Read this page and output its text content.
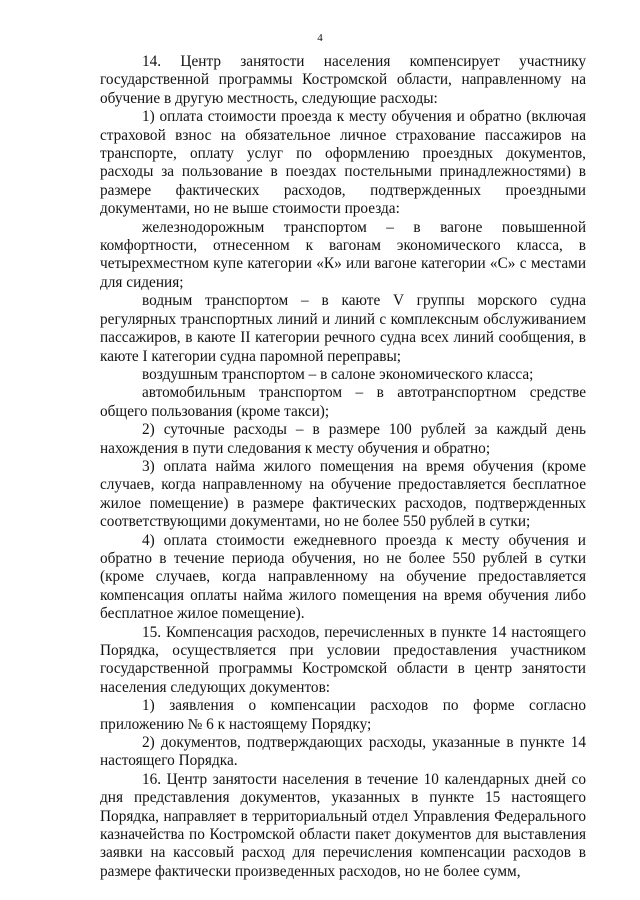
4

14. Центр занятости населения компенсирует участнику государственной программы Костромской области, направленному на обучение в другую местность, следующие расходы:

1) оплата стоимости проезда к месту обучения и обратно (включая страховой взнос на обязательное личное страхование пассажиров на транспорте, оплату услуг по оформлению проездных документов, расходы за пользование в поездах постельными принадлежностями) в размере фактических расходов, подтвержденных проездными документами, но не выше стоимости проезда:

железнодорожным транспортом – в вагоне повышенной комфортности, отнесенном к вагонам экономического класса, в четырехместном купе категории «К» или вагоне категории «С» с местами для сидения;

водным транспортом – в каюте V группы морского судна регулярных транспортных линий и линий с комплексным обслуживанием пассажиров, в каюте II категории речного судна всех линий сообщения, в каюте I категории судна паромной переправы;

воздушным транспортом – в салоне экономического класса;

автомобильным транспортом – в автотранспортном средстве общего пользования (кроме такси);

2) суточные расходы – в размере 100 рублей за каждый день нахождения в пути следования к месту обучения и обратно;

3) оплата найма жилого помещения на время обучения (кроме случаев, когда направленному на обучение предоставляется бесплатное жилое помещение) в размере фактических расходов, подтвержденных соответствующими документами, но не более 550 рублей в сутки;

4) оплата стоимости ежедневного проезда к месту обучения и обратно в течение периода обучения, но не более 550 рублей в сутки (кроме случаев, когда направленному на обучение предоставляется компенсация оплаты найма жилого помещения на время обучения либо бесплатное жилое помещение).

15. Компенсация расходов, перечисленных в пункте 14 настоящего Порядка, осуществляется при условии предоставления участником государственной программы Костромской области в центр занятости населения следующих документов:

1) заявления о компенсации расходов по форме согласно приложению № 6 к настоящему Порядку;

2) документов, подтверждающих расходы, указанные в пункте 14 настоящего Порядка.

16. Центр занятости населения в течение 10 календарных дней со дня представления документов, указанных в пункте 15 настоящего Порядка, направляет в территориальный отдел Управления Федерального казначейства по Костромской области пакет документов для выставления заявки на кассовый расход для перечисления компенсации расходов в размере фактически произведенных расходов, но не более сумм,
